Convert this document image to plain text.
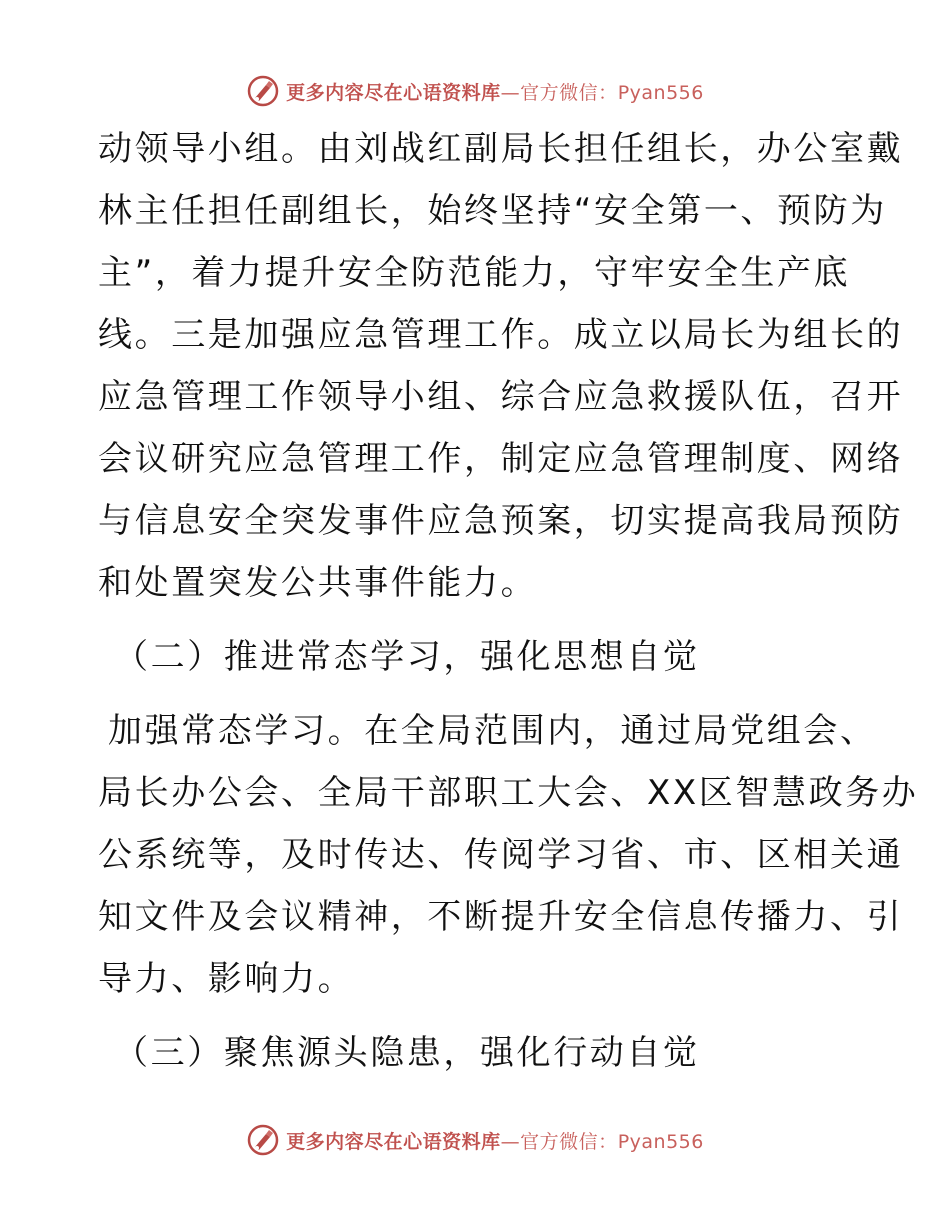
更多内容尽在心语资料库—官方微信：Pyan556
动领导小组。由刘战红副局长担任组长，办公室戴
林主任担任副组长，始终坚持“安全第一、预防为
主”，着力提升安全防范能力，守牢安全生产底
线。三是加强应急管理工作。成立以局长为组长的
应急管理工作领导小组、综合应急救援队伍，召开
会议研究应急管理工作，制定应急管理制度、网络
与信息安全突发事件应急预案，切实提高我局预防
和处置突发公共事件能力。
（二）推进常态学习，强化思想自觉
加强常态学习。在全局范围内，通过局党组会、
局长办公会、全局干部职工大会、XX区智慧政务办
公系统等，及时传达、传阅学习省、市、区相关通
知文件及会议精神，不断提升安全信息传播力、引
导力、影响力。
（三）聚焦源头隐患，强化行动自觉
更多内容尽在心语资料库—官方微信：Pyan556
